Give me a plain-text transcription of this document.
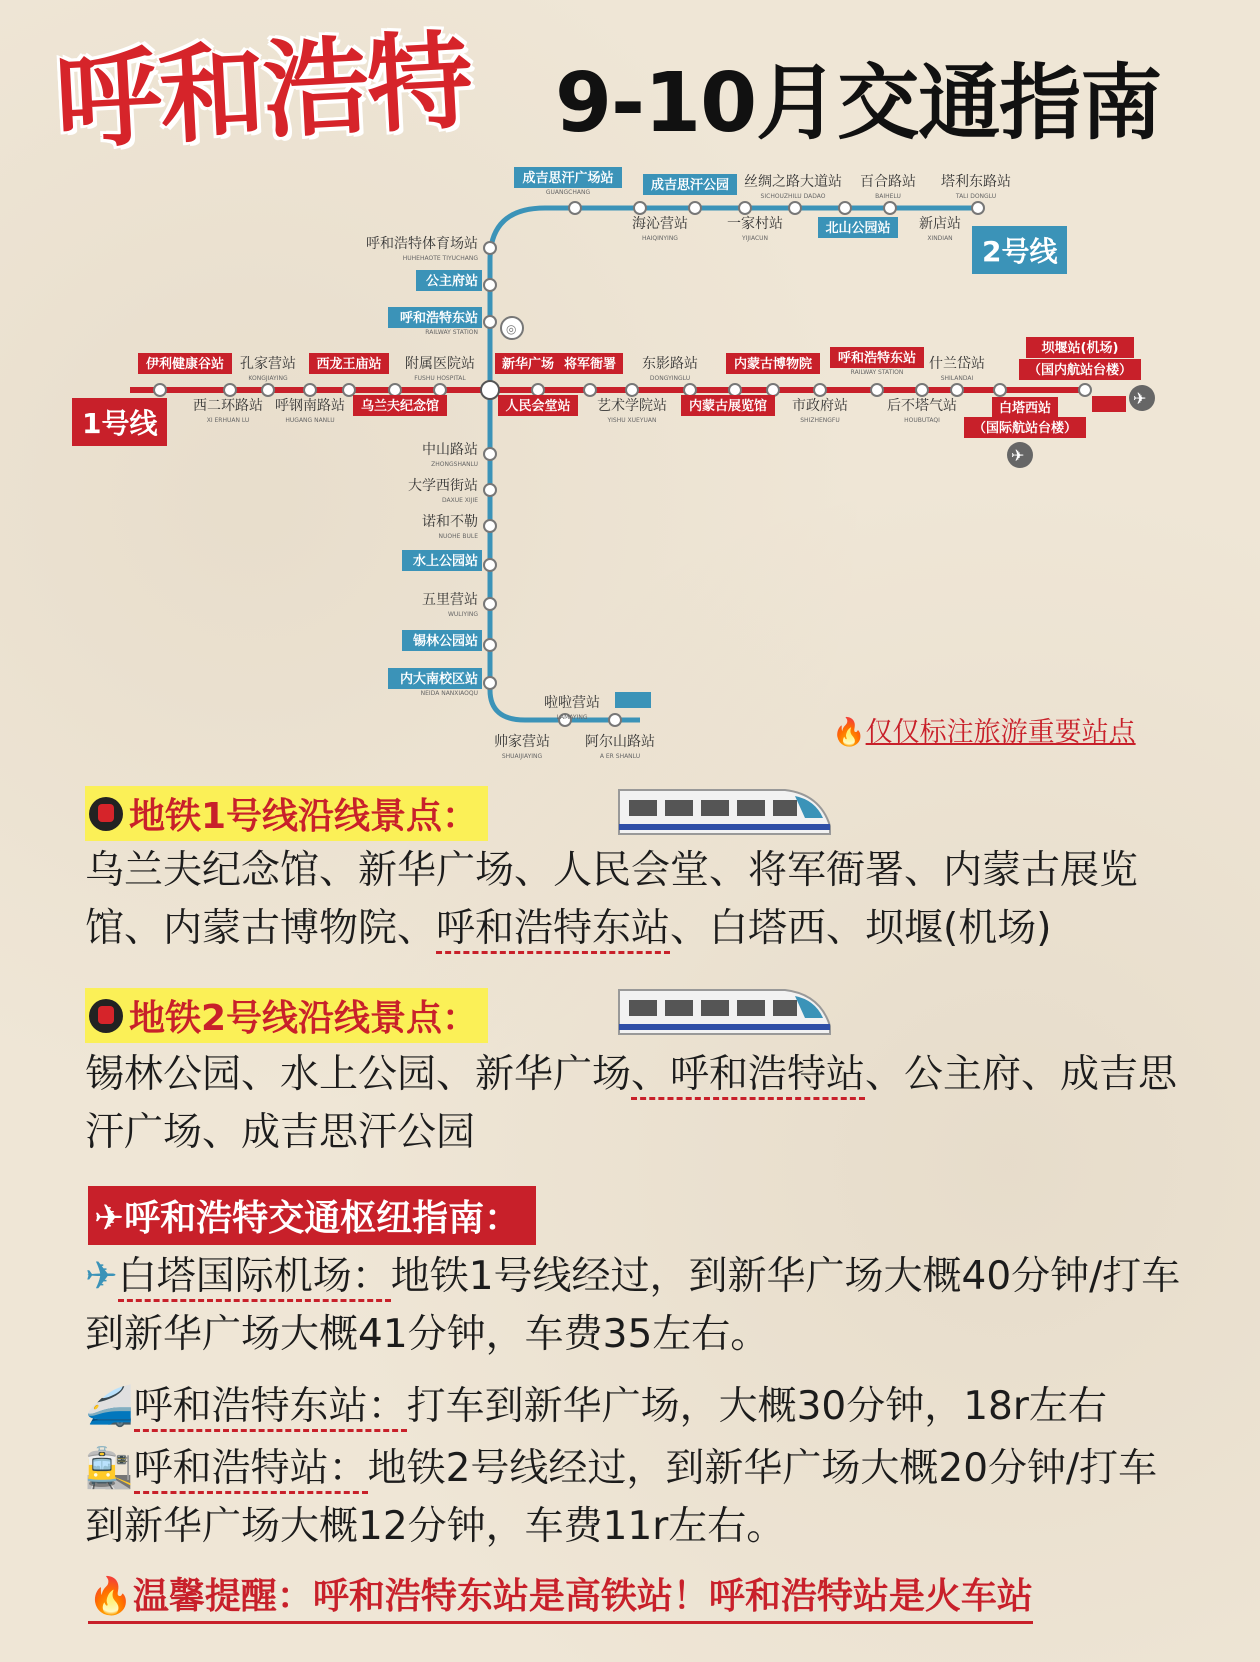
呼和浩特 9-10月交通指南
伊利健康谷站 孔家营站
KONGJIAYING
西龙王庙站 附属医院站
FUSHU HOSPITAL
新华广场 将军衙署 东影路站
DONGYINGLU
内蒙古博物院 呼和浩特东站
RAILWAY STATION
什兰岱站
SHILANDAI
坝堰站(机场)
（国内航站台楼）
西二环路站
XI ERHUAN LU
呼钢南路站
HUGANG NANLU
乌兰夫纪念馆	人民会堂站 艺术学院站
YISHU XUEYUAN
内蒙古展览馆 市政府站
SHIZHENGFU
后不塔气站
HOUBUTAQI
白塔西站
（国际航站台楼）
成吉思汗广场站
GUANGCHANG	成吉思汗公园 丝绸之路大道站
SICHOUZHILU DADAO
百合路站
BAIHELU
塔利东路站
TALI DONGLU
海沁营站
HAIQINYING
一家村站
YIJIACUN
北山公园站 新店站
XINDIAN
呼和浩特体育场站
HUHEHAOTE TIYUCHANG
公主府站
呼和浩特东站
RAILWAY STATION
中山路站
ZHONGSHANLU
大学西街站
DAXUE XIJIE
诺和不勒
NUOHE BULE
水上公园站
五里营站
WULIYING
锡林公园站
内大南校区站
NEIDA NANXIAOQU
啦啦营站
LAMAYING
帅家营站
SHUAIJIAYING
阿尔山路站
A ER SHANLU
◎
✈
✈
1号线
2号线
🔥仅仅标注旅游重要站点
地铁1号线沿线景点：
乌兰夫纪念馆、新华广场、人民会堂、将军衙署、内蒙古展览馆、内蒙古博物院、呼和浩特东站、白塔西、坝堰(机场)
地铁2号线沿线景点：
锡林公园、水上公园、新华广场、呼和浩特站、公主府、成吉思汗广场、成吉思汗公园
✈呼和浩特交通枢纽指南：
✈白塔国际机场：地铁1号线经过，到新华广场大概40分钟/打车到新华广场大概41分钟，车费35左右。
🚄呼和浩特东站：打车到新华广场，大概30分钟，18r左右
🚉呼和浩特站：地铁2号线经过，到新华广场大概20分钟/打车到新华广场大概12分钟，车费11r左右。
🔥温馨提醒：呼和浩特东站是高铁站！呼和浩特站是火车站
